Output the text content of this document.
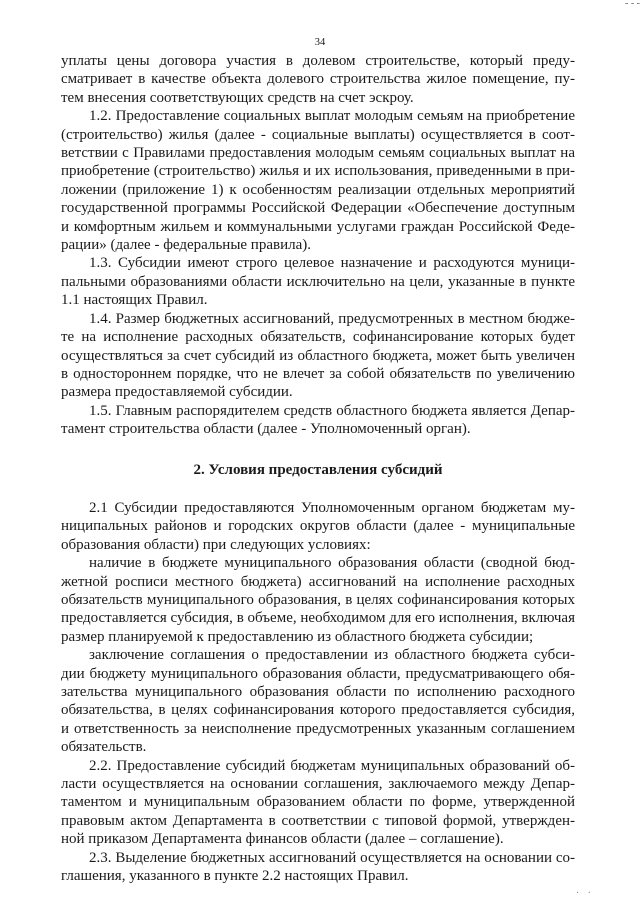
- - -
34

уплаты цены договора участия в долевом строительстве, который предусматривает в качестве объекта долевого строительства жилое помещение, путем внесения соответствующих средств на счет эскроу.

1.2. Предоставление социальных выплат молодым семьям на приобретение (строительство) жилья (далее - социальные выплаты) осуществляется в соответствии с Правилами предоставления молодым семьям социальных выплат на приобретение (строительство) жилья и их использования, приведенными в приложении (приложение 1) к особенностям реализации отдельных мероприятий государственной программы Российской Федерации «Обеспечение доступным и комфортным жильем и коммунальными услугами граждан Российской Федерации» (далее - федеральные правила).

1.3. Субсидии имеют строго целевое назначение и расходуются муниципальными образованиями области исключительно на цели, указанные в пункте 1.1 настоящих Правил.

1.4. Размер бюджетных ассигнований, предусмотренных в местном бюджете на исполнение расходных обязательств, софинансирование которых будет осуществляться за счет субсидий из областного бюджета, может быть увеличен в одностороннем порядке, что не влечет за собой обязательств по увеличению размера предоставляемой субсидии.

1.5. Главным распорядителем средств областного бюджета является Департамент строительства области (далее - Уполномоченный орган).

2. Условия предоставления субсидий

2.1 Субсидии предоставляются Уполномоченным органом бюджетам муниципальных районов и городских округов области (далее - муниципальные образования области) при следующих условиях:

наличие в бюджете муниципального образования области (сводной бюджетной росписи местного бюджета) ассигнований на исполнение расходных обязательств муниципального образования, в целях софинансирования которых предоставляется субсидия, в объеме, необходимом для его исполнения, включая размер планируемой к предоставлению из областного бюджета субсидии;

заключение соглашения о предоставлении из областного бюджета субсидии бюджету муниципального образования области, предусматривающего обязательства муниципального образования области по исполнению расходного обязательства, в целях софинансирования которого предоставляется субсидия, и ответственность за неисполнение предусмотренных указанным соглашением обязательств.

2.2. Предоставление субсидий бюджетам муниципальных образований области осуществляется на основании соглашения, заключаемого между Департаментом и муниципальным образованием области по форме, утвержденной правовым актом Департамента в соответствии с типовой формой, утвержденной приказом Департамента финансов области (далее – соглашение).

2.3. Выделение бюджетных ассигнований осуществляется на основании соглашения, указанного в пункте 2.2 настоящих Правил.

· ·
